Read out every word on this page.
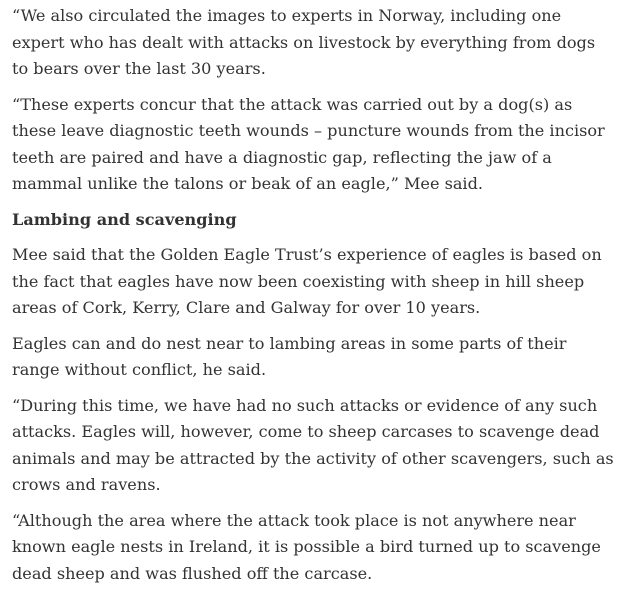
“We also circulated the images to experts in Norway, including one expert who has dealt with attacks on livestock by everything from dogs to bears over the last 30 years.

“These experts concur that the attack was carried out by a dog(s) as these leave diagnostic teeth wounds – puncture wounds from the incisor teeth are paired and have a diagnostic gap, reflecting the jaw of a mammal unlike the talons or beak of an eagle,” Mee said.

Lambing and scavenging

Mee said that the Golden Eagle Trust’s experience of eagles is based on the fact that eagles have now been coexisting with sheep in hill sheep areas of Cork, Kerry, Clare and Galway for over 10 years.

Eagles can and do nest near to lambing areas in some parts of their range without conflict, he said.

“During this time, we have had no such attacks or evidence of any such attacks. Eagles will, however, come to sheep carcases to scavenge dead animals and may be attracted by the activity of other scavengers, such as crows and ravens.

“Although the area where the attack took place is not anywhere near known eagle nests in Ireland, it is possible a bird turned up to scavenge dead sheep and was flushed off the carcase.
